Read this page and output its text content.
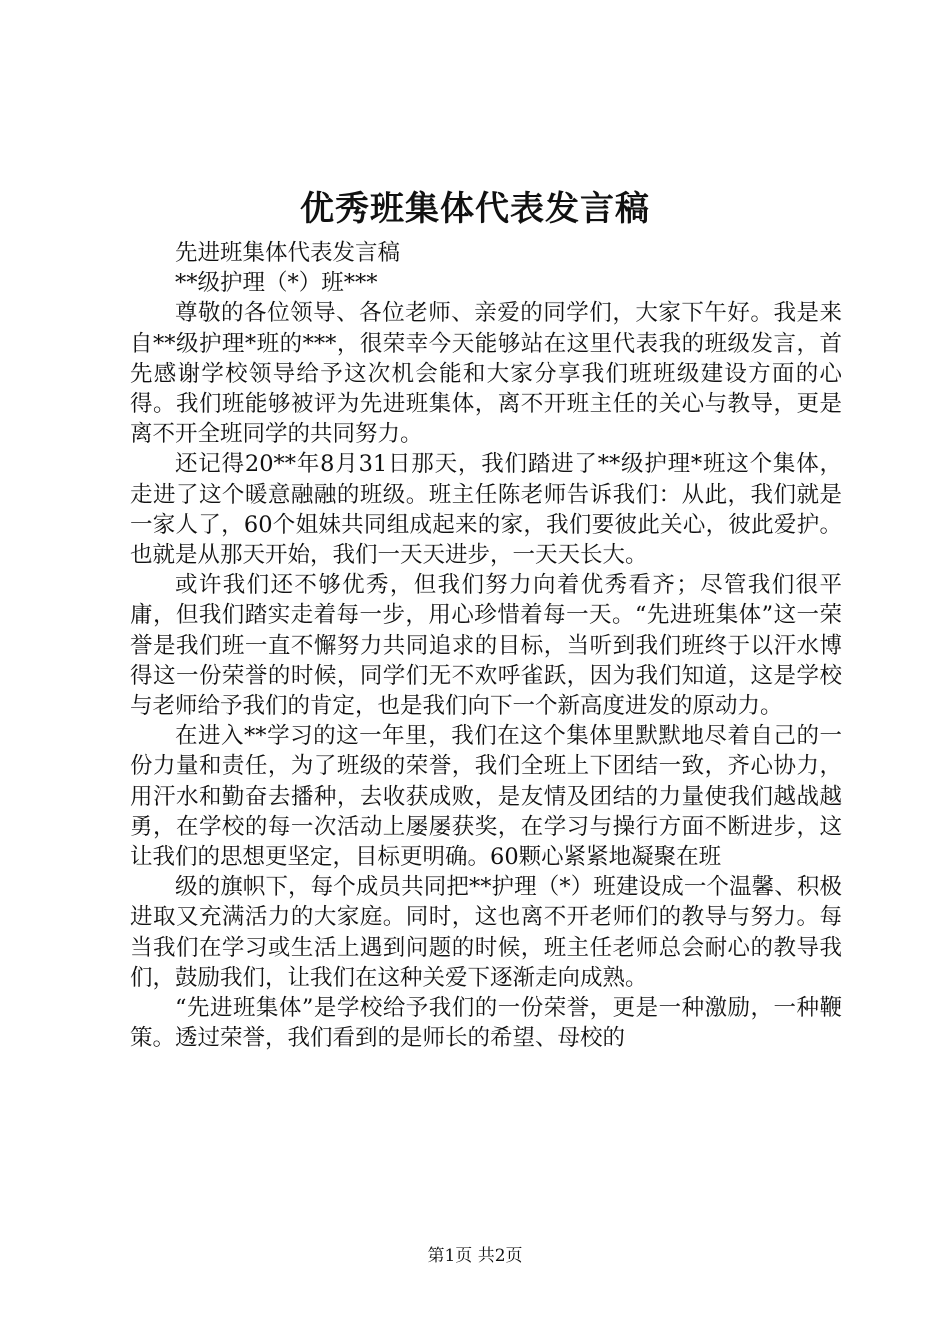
优秀班集体代表发言稿

先进班集体代表发言稿

**级护理（*）班***

尊敬的各位领导、各位老师、亲爱的同学们，大家下午好。我是来自**级护理*班的***，很荣幸今天能够站在这里代表我的班级发言，首先感谢学校领导给予这次机会能和大家分享我们班班级建设方面的心得。我们班能够被评为先进班集体，离不开班主任的关心与教导，更是离不开全班同学的共同努力。

还记得20**年8月31日那天，我们踏进了**级护理*班这个集体，走进了这个暖意融融的班级。班主任陈老师告诉我们：从此，我们就是一家人了，60个姐妹共同组成起来的家，我们要彼此关心，彼此爱护。也就是从那天开始，我们一天天进步，一天天长大。

或许我们还不够优秀，但我们努力向着优秀看齐；尽管我们很平庸，但我们踏实走着每一步，用心珍惜着每一天。“先进班集体”这一荣誉是我们班一直不懈努力共同追求的目标，当听到我们班终于以汗水博得这一份荣誉的时候，同学们无不欢呼雀跃，因为我们知道，这是学校与老师给予我们的肯定，也是我们向下一个新高度进发的原动力。

在进入**学习的这一年里，我们在这个集体里默默地尽着自己的一份力量和责任，为了班级的荣誉，我们全班上下团结一致，齐心协力，用汗水和勤奋去播种，去收获成败，是友情及团结的力量使我们越战越勇，在学校的每一次活动上屡屡获奖，在学习与操行方面不断进步，这让我们的思想更坚定，目标更明确。60颗心紧紧地凝聚在班

级的旗帜下，每个成员共同把**护理（*）班建设成一个温馨、积极进取又充满活力的大家庭。同时，这也离不开老师们的教导与努力。每当我们在学习或生活上遇到问题的时候，班主任老师总会耐心的教导我们，鼓励我们，让我们在这种关爱下逐渐走向成熟。

“先进班集体”是学校给予我们的一份荣誉，更是一种激励，一种鞭策。透过荣誉，我们看到的是师长的希望、母校的

第1页 共2页
